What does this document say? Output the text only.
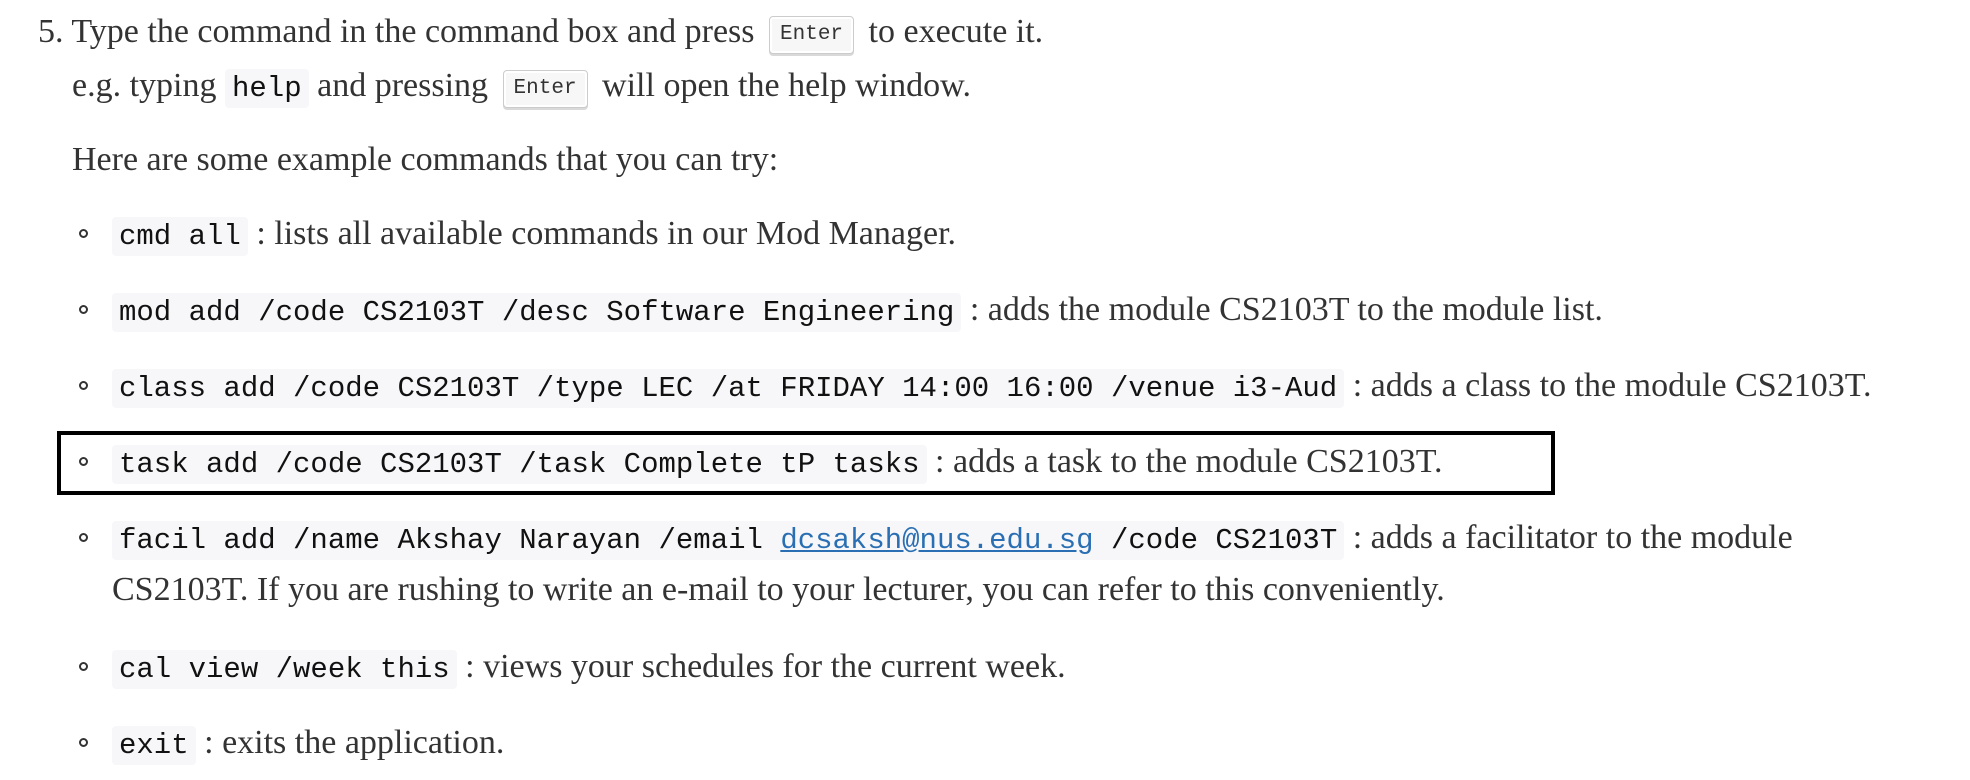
5. Type the command in the command box and press Enter to execute it.
e.g. typing help and pressing Enter will open the help window.
Here are some example commands that you can try:
cmd all : lists all available commands in our Mod Manager.
mod add /code CS2103T /desc Software Engineering : adds the module CS2103T to the module list.
class add /code CS2103T /type LEC /at FRIDAY 14:00 16:00 /venue i3-Aud : adds a class to the module CS2103T.
task add /code CS2103T /task Complete tP tasks : adds a task to the module CS2103T.
facil add /name Akshay Narayan /email dcsaksh@nus.edu.sg /code CS2103T : adds a facilitator to the module
CS2103T. If you are rushing to write an e-mail to your lecturer, you can refer to this conveniently.
cal view /week this : views your schedules for the current week.
exit : exits the application.
